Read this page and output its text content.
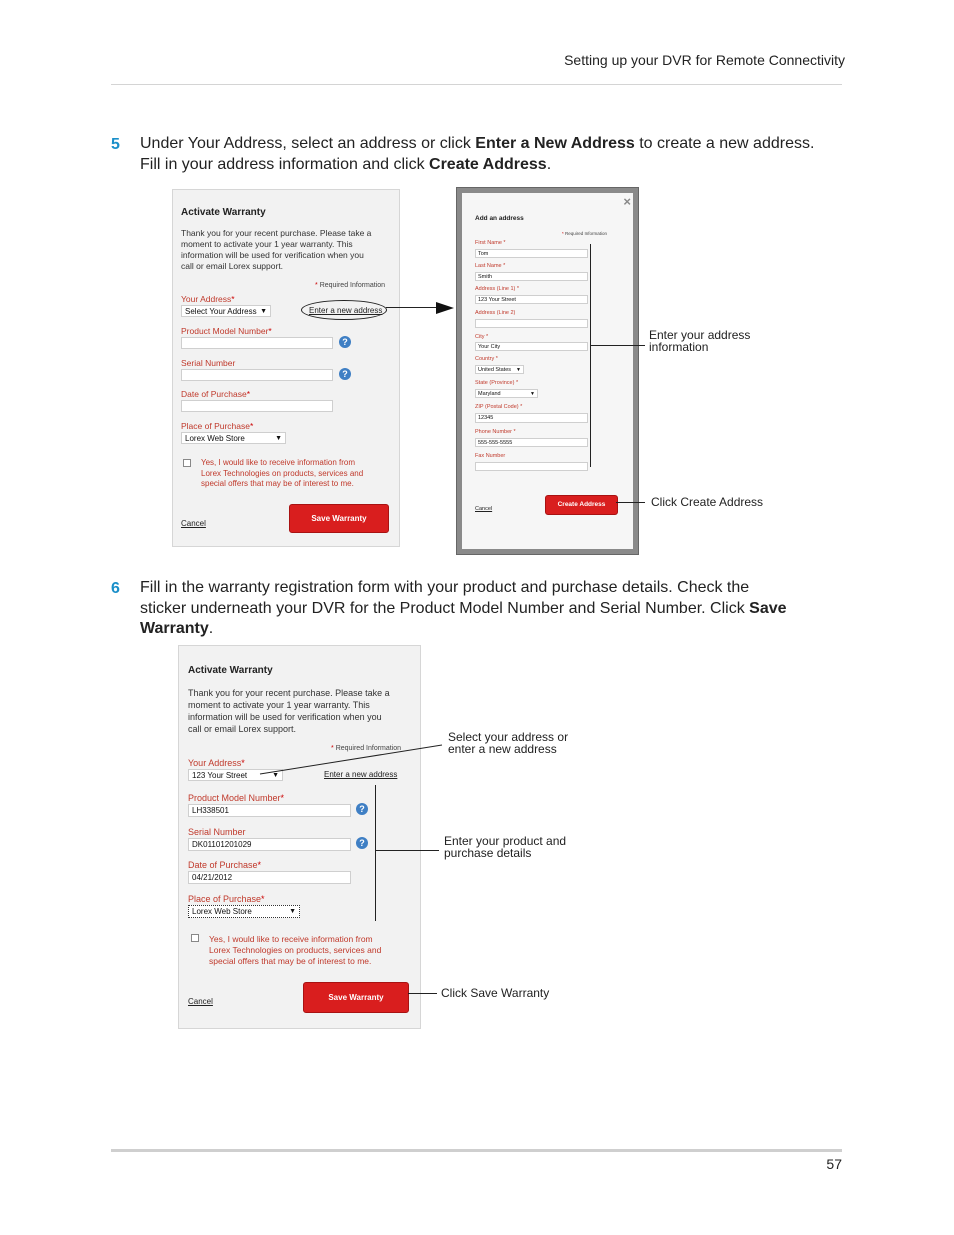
Setting up your DVR for Remote Connectivity
5 Under Your Address, select an address or click Enter a New Address to create a new address.
Fill in your address information and click Create Address.
Activate Warranty
Thank you for your recent purchase. Please take a
moment to activate your 1 year warranty. This
information will be used for verification when you
call or email Lorex support.
* Required Information
Your Address*
Select Your Address ▼	Enter a new address
Product Model Number*
?
Serial Number
?
Date of Purchase*
Place of Purchase*
Lorex Web Store	▼
Yes, I would like to receive information from
Lorex Technologies on products, services and
special offers that may be of interest to me.
Cancel
Save Warranty
×
Add an address
* Required Information
First Name *
Tom
Last Name *
Smith
Address (Line 1) *
123 Your Street
Address (Line 2)
City *
Your City
Country *
United States ▼
State (Province) *
Maryland	▼
ZIP (Postal Code) *
12345
Phone Number *
555-555-5555
Fax Number
Cancel
Create Address
Enter your address
information
Click Create Address
6 Fill in the warranty registration form with your product and purchase details. Check the
sticker underneath your DVR for the Product Model Number and Serial Number. Click Save
Warranty.
Activate Warranty
Thank you for your recent purchase. Please take a
moment to activate your 1 year warranty. This
information will be used for verification when you
call or email Lorex support.
* Required Information
Your Address*
123 Your Street	▼	Enter a new address
Product Model Number*
LH338501	?
Serial Number
DK01101201029	?
Date of Purchase*
04/21/2012
Place of Purchase*
Lorex Web Store	▼
Yes, I would like to receive information from
Lorex Technologies on products, services and
special offers that may be of interest to me.
Cancel	Save Warranty
Select your address or
enter a new address
Enter your product and
purchase details
Click Save Warranty
57
